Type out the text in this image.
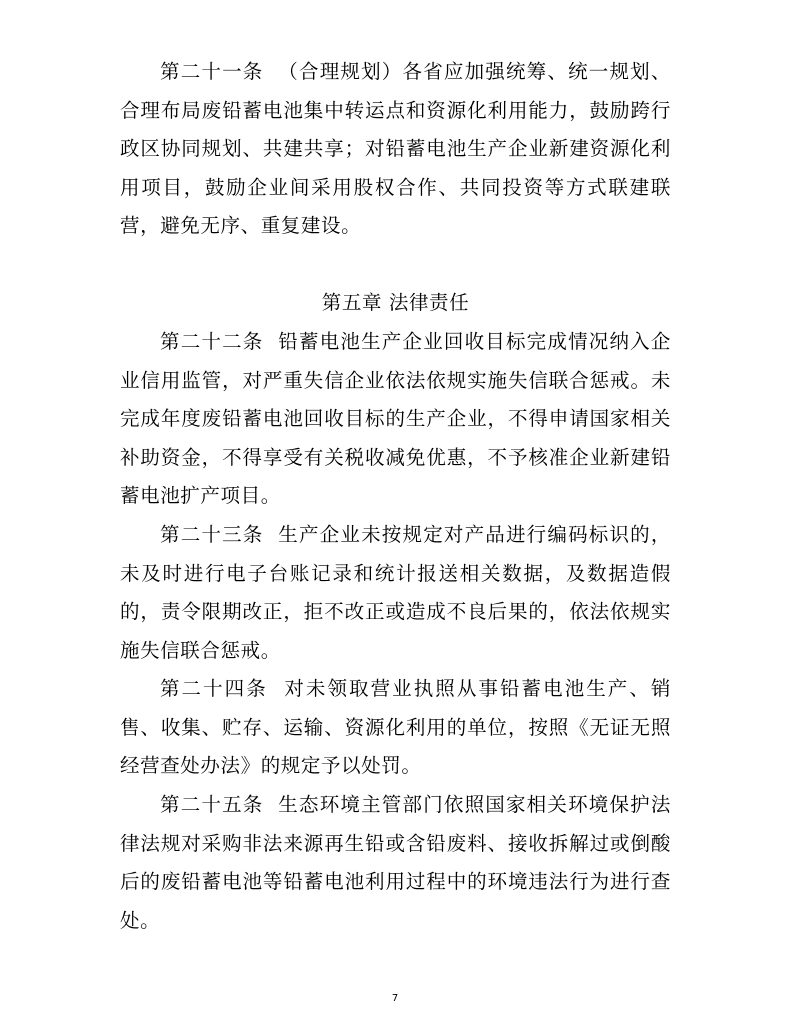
第二十一条 （合理规划）各省应加强统筹、统一规划、合理布局废铅蓄电池集中转运点和资源化利用能力，鼓励跨行政区协同规划、共建共享；对铅蓄电池生产企业新建资源化利用项目，鼓励企业间采用股权合作、共同投资等方式联建联营，避免无序、重复建设。

第五章 法律责任

第二十二条 铅蓄电池生产企业回收目标完成情况纳入企业信用监管，对严重失信企业依法依规实施失信联合惩戒。未完成年度废铅蓄电池回收目标的生产企业，不得申请国家相关补助资金，不得享受有关税收减免优惠，不予核准企业新建铅蓄电池扩产项目。

第二十三条 生产企业未按规定对产品进行编码标识的，未及时进行电子台账记录和统计报送相关数据，及数据造假的，责令限期改正，拒不改正或造成不良后果的，依法依规实施失信联合惩戒。

第二十四条 对未领取营业执照从事铅蓄电池生产、销售、收集、贮存、运输、资源化利用的单位，按照《无证无照经营查处办法》的规定予以处罚。

第二十五条 生态环境主管部门依照国家相关环境保护法律法规对采购非法来源再生铅或含铅废料、接收拆解过或倒酸后的废铅蓄电池等铅蓄电池利用过程中的环境违法行为进行查处。

7
